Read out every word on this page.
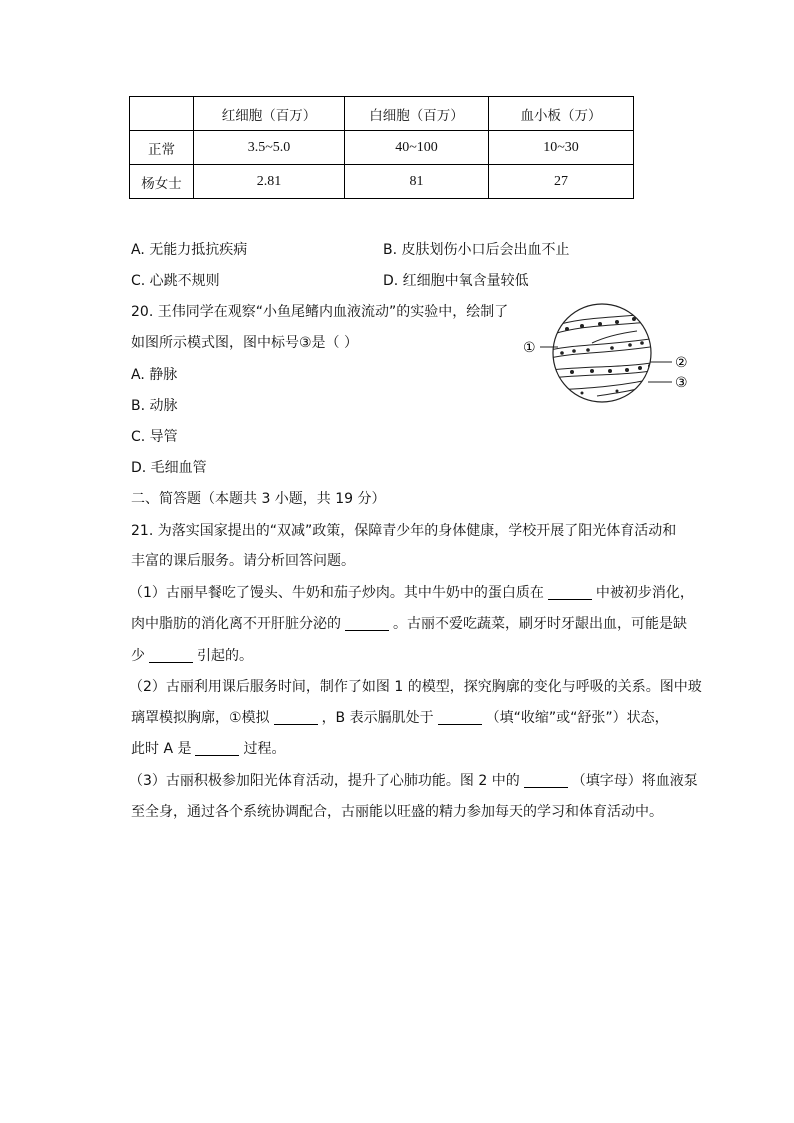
	红细胞（百万）	白细胞（百万）	血小板（万）
正常	3.5~5.0	40~100	10~30
杨女士	2.81	81	27
A. 无能力抵抗疾病	B. 皮肤划伤小口后会出血不止
C. 心跳不规则	D. 红细胞中氧含量较低
20. 王伟同学在观察“小鱼尾鳍内血液流动”的实验中，绘制了
如图所示模式图，图中标号③是（ ）
A. 静脉
B. 动脉
C. 导管
D. 毛细血管
①
②
③
二、简答题（本题共 3 小题，共 19 分）
21. 为落实国家提出的“双减”政策，保障青少年的身体健康，学校开展了阳光体育活动和
丰富的课后服务。请分析回答问题。
（1）古丽早餐吃了馒头、牛奶和茄子炒肉。其中牛奶中的蛋白质在	中被初步消化，
肉中脂肪的消化离不开肝脏分泌的	。古丽不爱吃蔬菜，刷牙时牙龈出血，可能是缺
少	引起的。
（2）古丽利用课后服务时间，制作了如图 1 的模型，探究胸廓的变化与呼吸的关系。图中玻
璃罩模拟胸廓，①模拟	，B 表示膈肌处于	（填“收缩”或“舒张”）状态，
此时 A 是	过程。
（3）古丽积极参加阳光体育活动，提升了心肺功能。图 2 中的	（填字母）将血液泵
至全身，通过各个系统协调配合，古丽能以旺盛的精力参加每天的学习和体育活动中。
